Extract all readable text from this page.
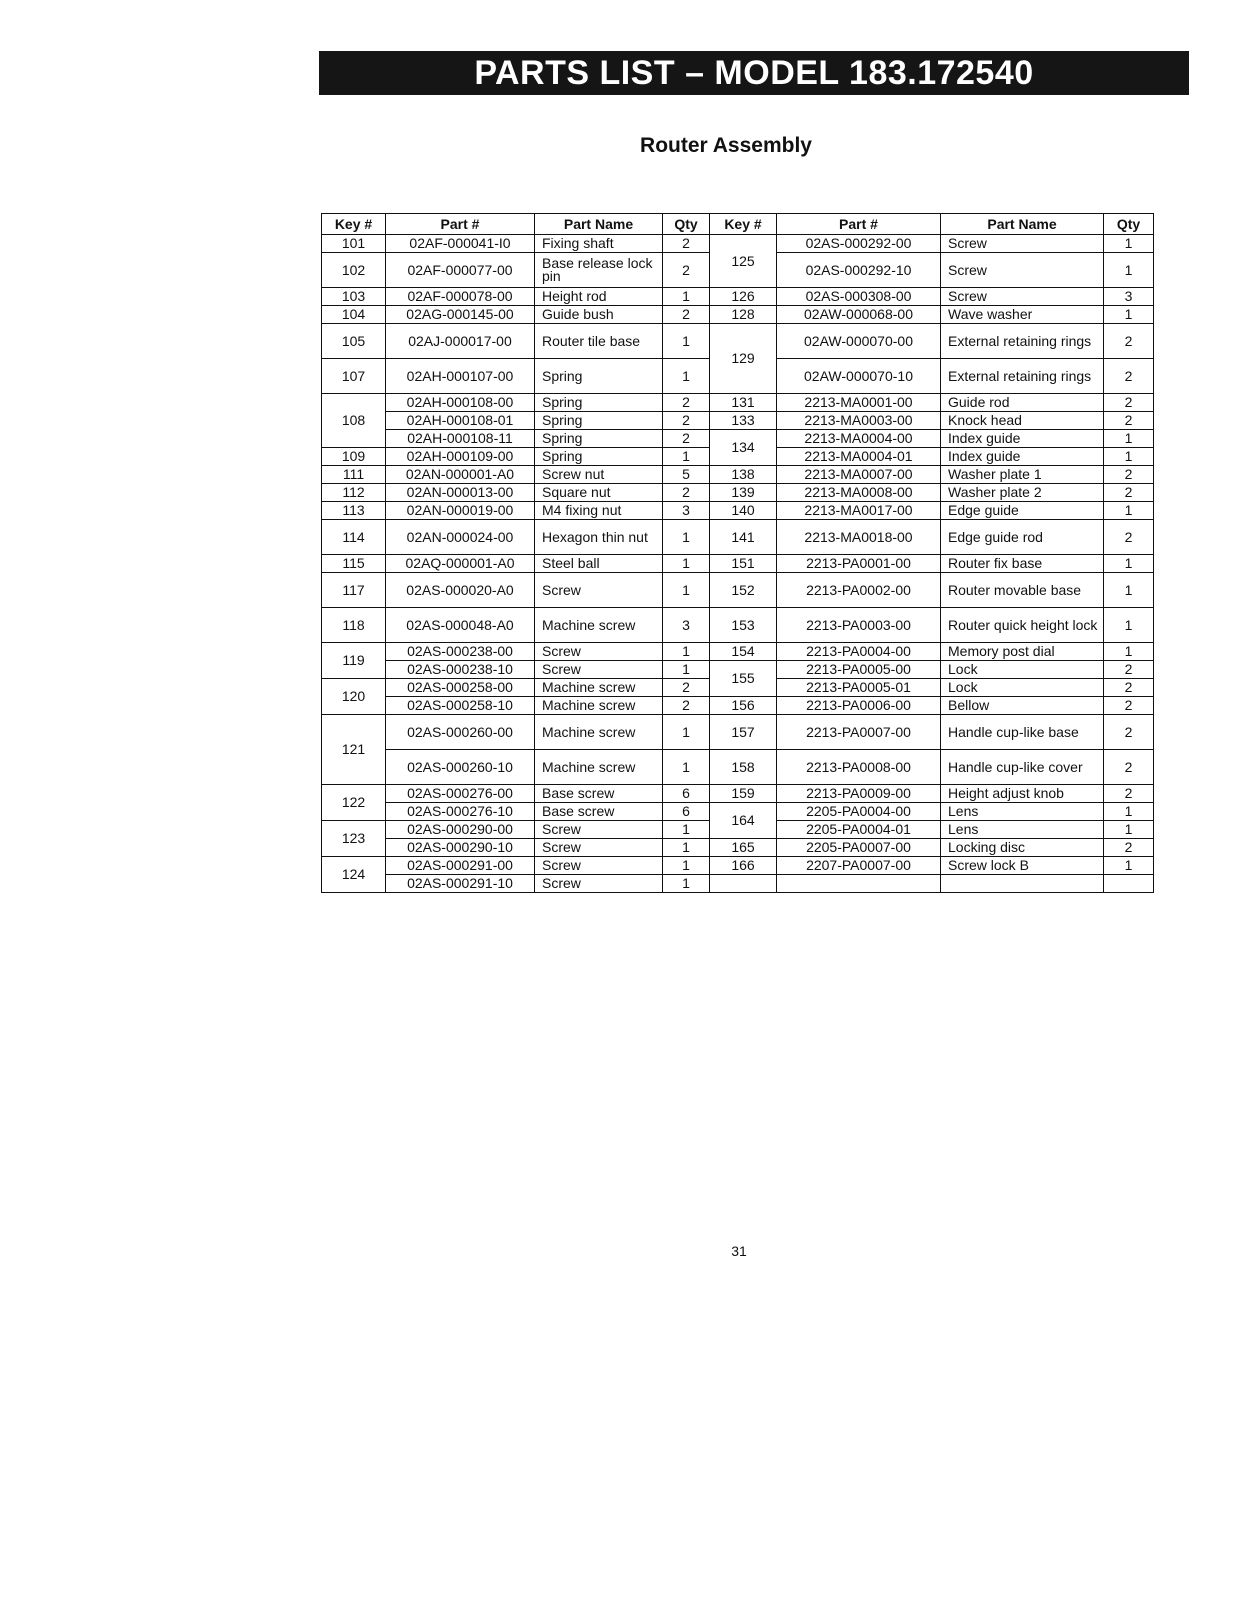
PARTS LIST – MODEL 183.172540
Router Assembly
Key #	Part #	Part Name	Qty	Key #	Part #	Part Name	Qty
101	02AF-000041-I0	Fixing shaft	2	125	02AS-000292-00	Screw	1
102	02AF-000077-00	Base release lock pin	2		02AS-000292-10	Screw	1
103	02AF-000078-00	Height rod	1	126	02AS-000308-00	Screw	3
104	02AG-000145-00	Guide bush	2	128	02AW-000068-00	Wave washer	1
105	02AJ-000017-00	Router tile base	1	129	02AW-000070-00	External retaining rings	2
107	02AH-000107-00	Spring	1		02AW-000070-10	External retaining rings	2
108	02AH-000108-00	Spring	2	131	2213-MA0001-00	Guide rod	2
	02AH-000108-01	Spring	2	133	2213-MA0003-00	Knock head	2
	02AH-000108-11	Spring	2	134	2213-MA0004-00	Index guide	1
109	02AH-000109-00	Spring	1		2213-MA0004-01	Index guide	1
111	02AN-000001-A0	Screw nut	5	138	2213-MA0007-00	Washer plate 1	2
112	02AN-000013-00	Square nut	2	139	2213-MA0008-00	Washer plate 2	2
113	02AN-000019-00	M4 fixing nut	3	140	2213-MA0017-00	Edge guide	1
114	02AN-000024-00	Hexagon thin nut	1	141	2213-MA0018-00	Edge guide rod	2
115	02AQ-000001-A0	Steel ball	1	151	2213-PA0001-00	Router fix base	1
117	02AS-000020-A0	Screw	1	152	2213-PA0002-00	Router movable base	1
118	02AS-000048-A0	Machine screw	3	153	2213-PA0003-00	Router quick height lock	1
119	02AS-000238-00	Screw	1	154	2213-PA0004-00	Memory post dial	1
	02AS-000238-10	Screw	1	155	2213-PA0005-00	Lock	2
120	02AS-000258-00	Machine screw	2		2213-PA0005-01	Lock	2
	02AS-000258-10	Machine screw	2	156	2213-PA0006-00	Bellow	2
121	02AS-000260-00	Machine screw	1	157	2213-PA0007-00	Handle cup-like base	2
	02AS-000260-10	Machine screw	1	158	2213-PA0008-00	Handle cup-like cover	2
122	02AS-000276-00	Base screw	6	159	2213-PA0009-00	Height adjust knob	2
	02AS-000276-10	Base screw	6	164	2205-PA0004-00	Lens	1
123	02AS-000290-00	Screw	1		2205-PA0004-01	Lens	1
	02AS-000290-10	Screw	1	165	2205-PA0007-00	Locking disc	2
124	02AS-000291-00	Screw	1	166	2207-PA0007-00	Screw lock B	1
	02AS-000291-10	Screw	1				
31
